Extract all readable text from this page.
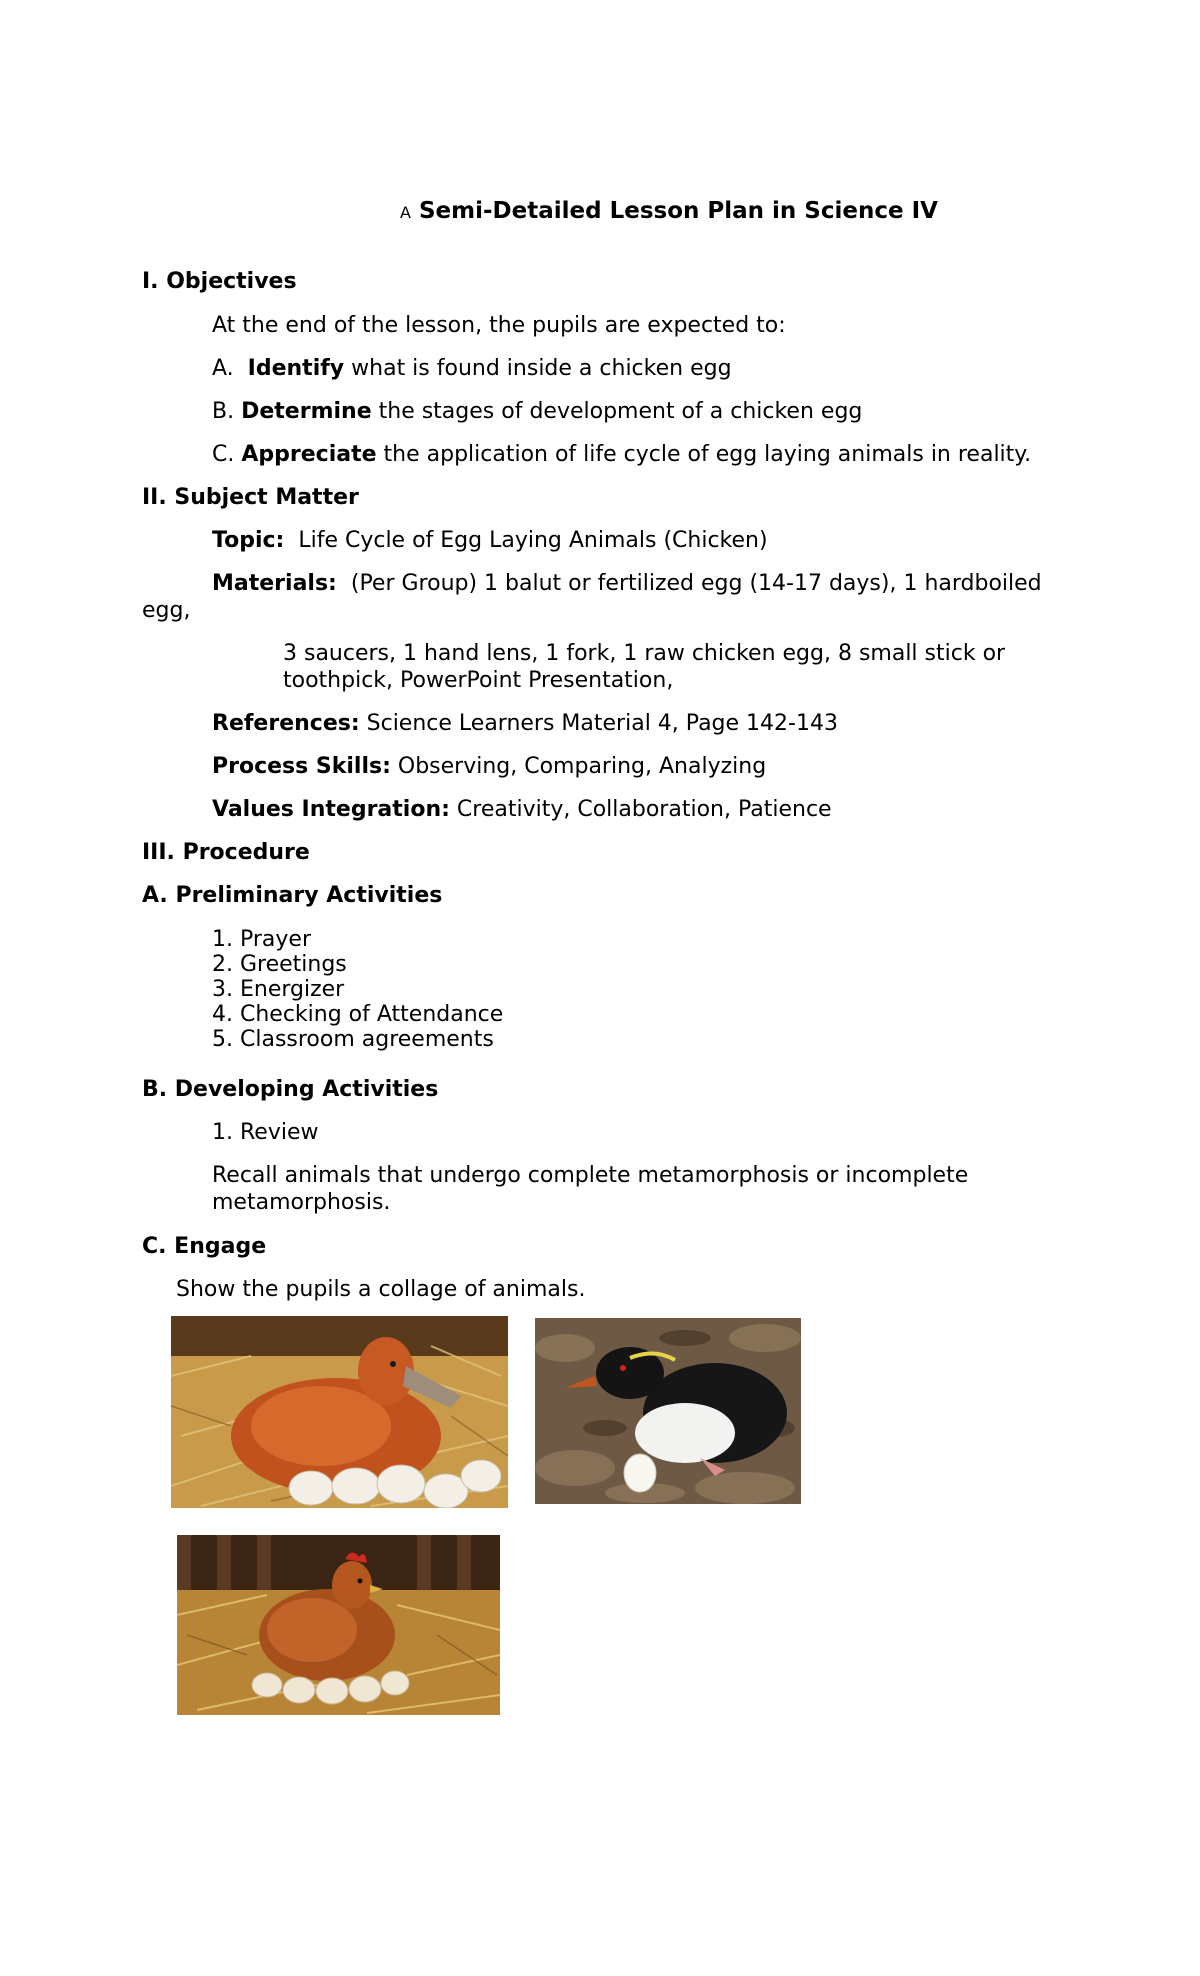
A Semi-Detailed Lesson Plan in Science IV
I. Objectives
At the end of the lesson, the pupils are expected to:
A. Identify what is found inside a chicken egg
B. Determine the stages of development of a chicken egg
C. Appreciate the application of life cycle of egg laying animals in reality.
II. Subject Matter
Topic: Life Cycle of Egg Laying Animals (Chicken)
Materials: (Per Group) 1 balut or fertilized egg (14-17 days), 1 hardboiled
egg,
3 saucers, 1 hand lens, 1 fork, 1 raw chicken egg, 8 small stick or
toothpick, PowerPoint Presentation,
References: Science Learners Material 4, Page 142-143
Process Skills: Observing, Comparing, Analyzing
Values Integration: Creativity, Collaboration, Patience
III. Procedure
A. Preliminary Activities
1. Prayer
2. Greetings
3. Energizer
4. Checking of Attendance
5. Classroom agreements
B. Developing Activities
1. Review
Recall animals that undergo complete metamorphosis or incomplete
metamorphosis.
C. Engage
Show the pupils a collage of animals.
